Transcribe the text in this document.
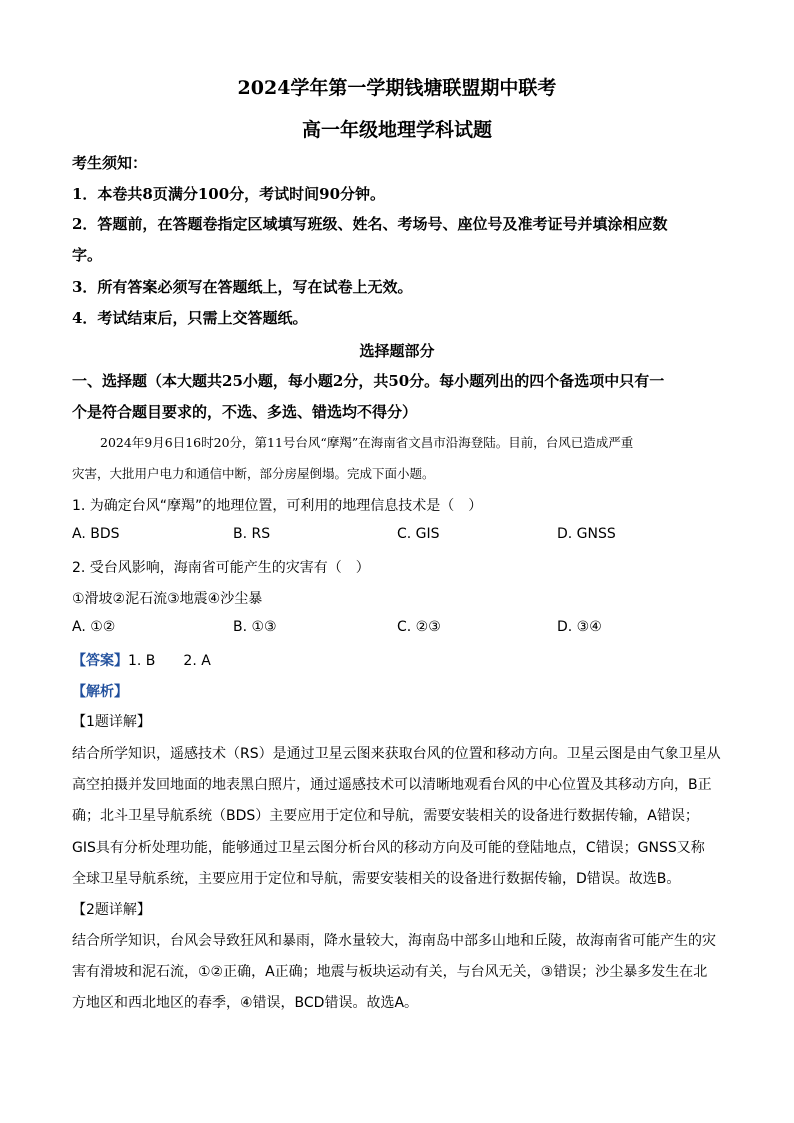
2024学年第一学期钱塘联盟期中联考
高一年级地理学科试题
考生须知：
1．本卷共8页满分100分，考试时间90分钟。
2．答题前，在答题卷指定区域填写班级、姓名、考场号、座位号及准考证号并填涂相应数
字。
3．所有答案必须写在答题纸上，写在试卷上无效。
4．考试结束后，只需上交答题纸。
选择题部分
一、选择题（本大题共25小题，每小题2分，共50分。每小题列出的四个备选项中只有一
个是符合题目要求的，不选、多选、错选均不得分）
2024年9月6日16时20分，第11号台风“摩羯”在海南省文昌市沿海登陆。目前，台风已造成严重
灾害，大批用户电力和通信中断，部分房屋倒塌。完成下面小题。
1. 为确定台风“摩羯”的地理位置，可利用的地理信息技术是（　）
A. BDS	B. RS	C. GIS	D. GNSS
2. 受台风影响，海南省可能产生的灾害有（　）
①滑坡②泥石流③地震④沙尘暴
A. ①②	B. ①③	C. ②③	D. ③④
【答案】1. B　　2. A
【解析】
【1题详解】
结合所学知识，遥感技术（RS）是通过卫星云图来获取台风的位置和移动方向。卫星云图是由气象卫星从
高空拍摄并发回地面的地表黑白照片，通过遥感技术可以清晰地观看台风的中心位置及其移动方向，B正
确；北斗卫星导航系统（BDS）主要应用于定位和导航，需要安装相关的设备进行数据传输，A错误；
GIS具有分析处理功能，能够通过卫星云图分析台风的移动方向及可能的登陆地点，C错误；GNSS又称
全球卫星导航系统，主要应用于定位和导航，需要安装相关的设备进行数据传输，D错误。故选B。
【2题详解】
结合所学知识，台风会导致狂风和暴雨，降水量较大，海南岛中部多山地和丘陵，故海南省可能产生的灾
害有滑坡和泥石流，①②正确，A正确；地震与板块运动有关，与台风无关，③错误；沙尘暴多发生在北
方地区和西北地区的春季，④错误，BCD错误。故选A。
